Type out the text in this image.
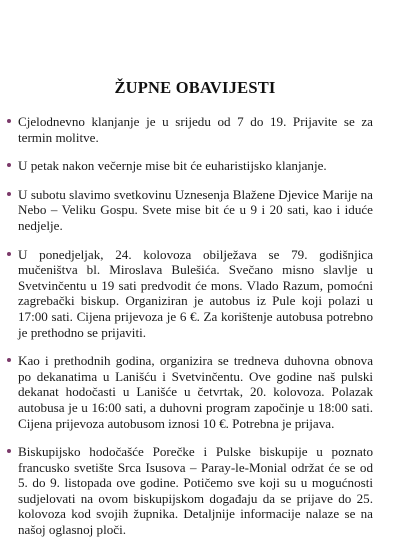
ŽUPNE OBAVIJESTI
Cjelodnevno klanjanje je u srijedu od 7 do 19. Prijavite se za termin molitve.
U petak nakon večernje mise bit će euharistijsko klanjanje.
U subotu slavimo svetkovinu Uznesenja Blažene Djevice Marije na Nebo – Veliku Gospu. Svete mise bit će u 9 i 20 sati, kao i iduće nedjelje.
U ponedjeljak, 24. kolovoza obilježava se 79. godišnjica mučeništva bl. Miroslava Bulešića. Svečano misno slavlje u Svetvinčentu u 19 sati predvodit će mons. Vlado Razum, pomoćni zagrebački biskup. Organiziran je autobus iz Pule koji polazi u 17:00 sati. Cijena prijevoza je 6 €. Za korištenje autobusa potrebno je prethodno se prijaviti.
Kao i prethodnih godina, organizira se tredneva duhovna obnova po dekanatima u Lanišću i Svetvinčentu. Ove godine naš pulski dekanat hodočasti u Lanišće u četvrtak, 20. kolovoza. Polazak autobusa je u 16:00 sati, a duhovni program započinje u 18:00 sati. Cijena prijevoza autobusom iznosi 10 €. Potrebna je prijava.
Biskupijsko hodočašće Porečke i Pulske biskupije u poznato francusko svetište Srca Isusova – Paray-le-Monial održat će se od 5. do 9. listopada ove godine. Potičemo sve koji su u mogućnosti sudjelovati na ovom biskupijskom događaju da se prijave do 25. kolovoza kod svojih župnika. Detaljnije informacije nalaze se na našoj oglasnoj ploči.
